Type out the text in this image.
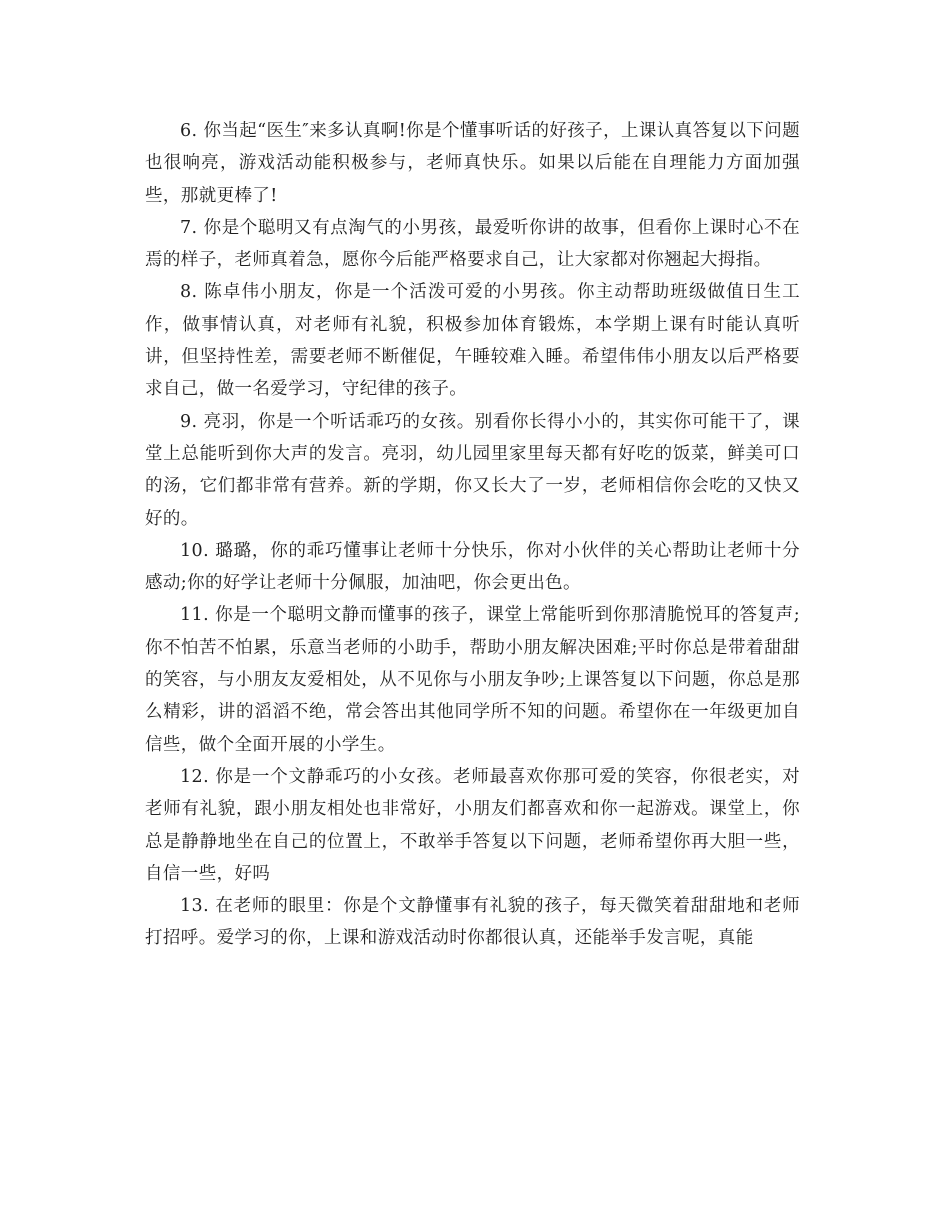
6. 你当起“医生″来多认真啊!你是个懂事听话的好孩子，上课认真答复以下问题也很响亮，游戏活动能积极参与，老师真快乐。如果以后能在自理能力方面加强些，那就更棒了!

7. 你是个聪明又有点淘气的小男孩，最爱听你讲的故事，但看你上课时心不在焉的样子，老师真着急，愿你今后能严格要求自己，让大家都对你翘起大拇指。

8. 陈卓伟小朋友，你是一个活泼可爱的小男孩。你主动帮助班级做值日生工作，做事情认真，对老师有礼貌，积极参加体育锻炼，本学期上课有时能认真听讲，但坚持性差，需要老师不断催促，午睡较难入睡。希望伟伟小朋友以后严格要求自己，做一名爱学习，守纪律的孩子。

9. 亮羽，你是一个听话乖巧的女孩。别看你长得小小的，其实你可能干了，课堂上总能听到你大声的发言。亮羽，幼儿园里家里每天都有好吃的饭菜，鲜美可口的汤，它们都非常有营养。新的学期，你又长大了一岁，老师相信你会吃的又快又好的。

10. 璐璐，你的乖巧懂事让老师十分快乐，你对小伙伴的关心帮助让老师十分感动;你的好学让老师十分佩服，加油吧，你会更出色。

11. 你是一个聪明文静而懂事的孩子，课堂上常能听到你那清脆悦耳的答复声;你不怕苦不怕累，乐意当老师的小助手，帮助小朋友解决困难;平时你总是带着甜甜的笑容，与小朋友友爱相处，从不见你与小朋友争吵;上课答复以下问题，你总是那么精彩，讲的滔滔不绝，常会答出其他同学所不知的问题。希望你在一年级更加自信些，做个全面开展的小学生。

12. 你是一个文静乖巧的小女孩。老师最喜欢你那可爱的笑容，你很老实，对老师有礼貌，跟小朋友相处也非常好，小朋友们都喜欢和你一起游戏。课堂上，你总是静静地坐在自己的位置上，不敢举手答复以下问题，老师希望你再大胆一些，自信一些，好吗

13. 在老师的眼里：你是个文静懂事有礼貌的孩子，每天微笑着甜甜地和老师打招呼。爱学习的你，上课和游戏活动时你都很认真，还能举手发言呢，真能
